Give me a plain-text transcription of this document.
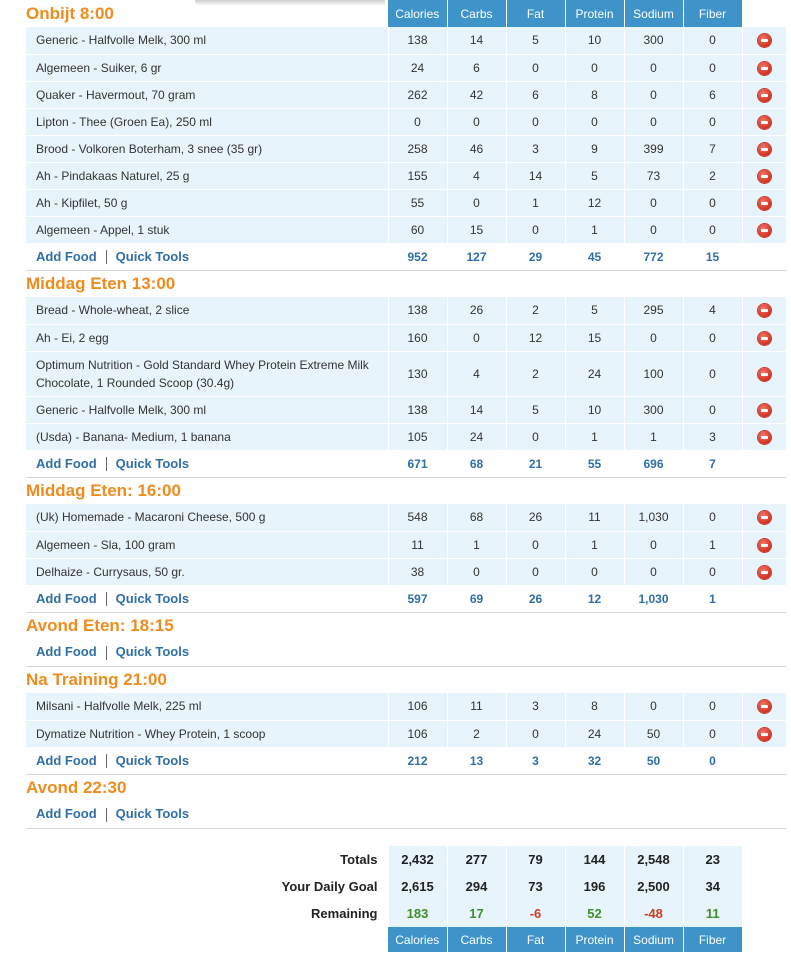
Onbijt 8:00	Calories	Carbs	Fat	Protein	Sodium	Fiber	
Generic - Halfvolle Melk, 300 ml	138	14	5	10	300	0	
Algemeen - Suiker, 6 gr	24	6	0	0	0	0	
Quaker - Havermout, 70 gram	262	42	6	8	0	6	
Lipton - Thee (Groen Ea), 250 ml	0	0	0	0	0	0	
Brood - Volkoren Boterham, 3 snee (35 gr)	258	46	3	9	399	7	
Ah - Pindakaas Naturel, 25 g	155	4	14	5	73	2	
Ah - Kipfilet, 50 g	55	0	1	12	0	0	
Algemeen - Appel, 1 stuk	60	15	0	1	0	0	
Add Food Quick Tools	952	127	29	45	772	15	
Middag Eten 13:00							
Bread - Whole-wheat, 2 slice	138	26	2	5	295	4	
Ah - Ei, 2 egg	160	0	12	15	0	0	
Optimum Nutrition - Gold Standard Whey Protein Extreme Milk Chocolate, 1 Rounded Scoop (30.4g)	130	4	2	24	100	0	
Generic - Halfvolle Melk, 300 ml	138	14	5	10	300	0	
(Usda) - Banana- Medium, 1 banana	105	24	0	1	1	3	
Add Food Quick Tools	671	68	21	55	696	7	
Middag Eten: 16:00							
(Uk) Homemade - Macaroni Cheese, 500 g	548	68	26	11	1,030	0	
Algemeen - Sla, 100 gram	11	1	0	1	0	1	
Delhaize - Currysaus, 50 gr.	38	0	0	0	0	0	
Add Food Quick Tools	597	69	26	12	1,030	1	
Avond Eten: 18:15							
Add Food Quick Tools							
Na Training 21:00							
Milsani - Halfvolle Melk, 225 ml	106	11	3	8	0	0	
Dymatize Nutrition - Whey Protein, 1 scoop	106	2	0	24	50	0	
Add Food Quick Tools	212	13	3	32	50	0	
Avond 22:30							
Add Food Quick Tools							

Totals	2,432	277	79	144	2,548	23	
Your Daily Goal	2,615	294	73	196	2,500	34	
Remaining	183	17	-6	52	-48	11	
	Calories	Carbs	Fat	Protein	Sodium	Fiber	
